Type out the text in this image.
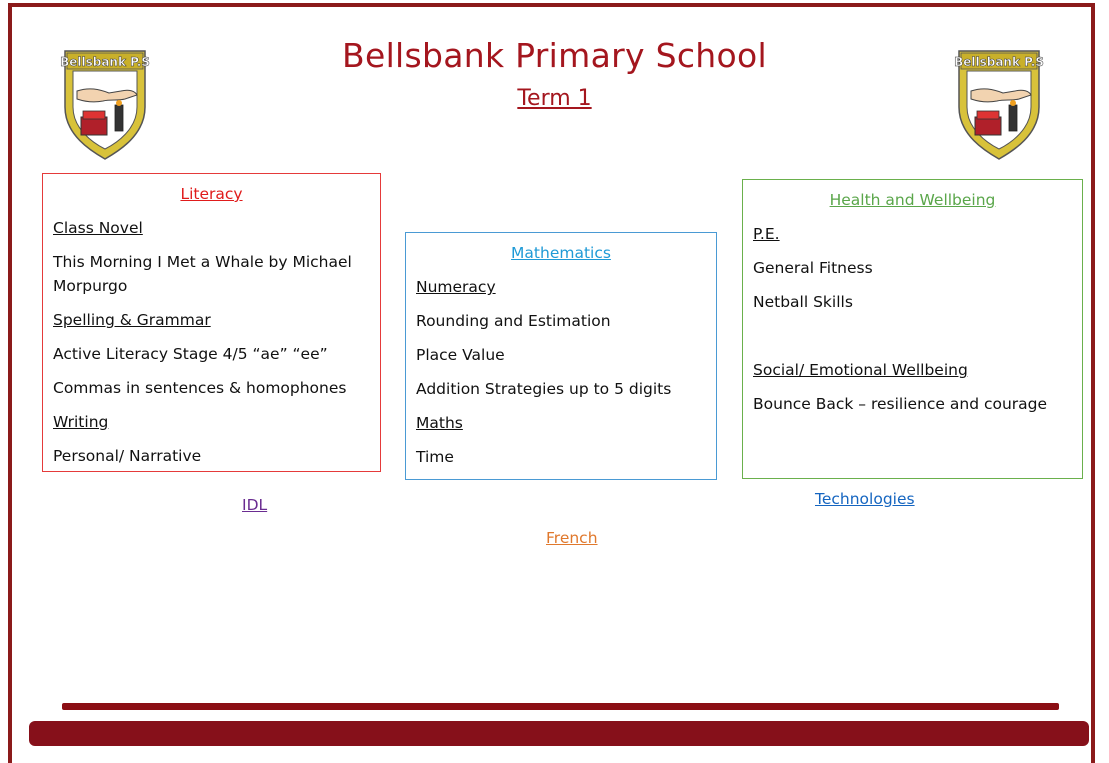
Bellsbank P.S	Bellsbank P.S
Bellsbank Primary School
Term 1
Literacy

Class Novel

This Morning I Met a Whale by Michael Morpurgo

Spelling & Grammar

Active Literacy Stage 4/5 “ae” “ee”

Commas in sentences & homophones

Writing

Personal/ Narrative

Mathematics

Numeracy

Rounding and Estimation

Place Value

Addition Strategies up to 5 digits

Maths

Time

Health and Wellbeing

P.E.

General Fitness

Netball Skills

Social/ Emotional Wellbeing

Bounce Back – resilience and courage

IDL	Technologies
French
